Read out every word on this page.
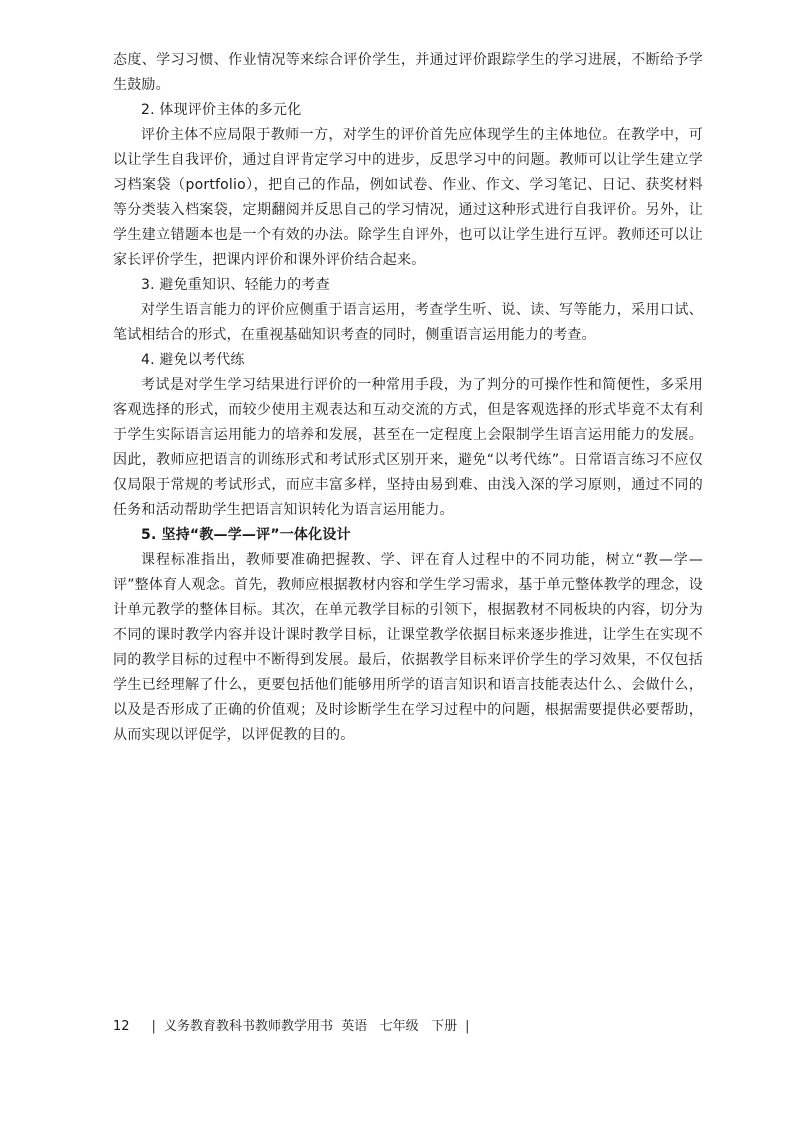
态度、学习习惯、作业情况等来综合评价学生，并通过评价跟踪学生的学习进展，不断给予学生鼓励。

2. 体现评价主体的多元化

评价主体不应局限于教师一方，对学生的评价首先应体现学生的主体地位。在教学中，可以让学生自我评价，通过自评肯定学习中的进步，反思学习中的问题。教师可以让学生建立学习档案袋（portfolio），把自己的作品，例如试卷、作业、作文、学习笔记、日记、获奖材料等分类装入档案袋，定期翻阅并反思自己的学习情况，通过这种形式进行自我评价。另外，让学生建立错题本也是一个有效的办法。除学生自评外，也可以让学生进行互评。教师还可以让家长评价学生，把课内评价和课外评价结合起来。

3. 避免重知识、轻能力的考查

对学生语言能力的评价应侧重于语言运用，考查学生听、说、读、写等能力，采用口试、笔试相结合的形式，在重视基础知识考查的同时，侧重语言运用能力的考查。

4. 避免以考代练

考试是对学生学习结果进行评价的一种常用手段，为了判分的可操作性和简便性，多采用客观选择的形式，而较少使用主观表达和互动交流的方式，但是客观选择的形式毕竟不太有利于学生实际语言运用能力的培养和发展，甚至在一定程度上会限制学生语言运用能力的发展。因此，教师应把语言的训练形式和考试形式区别开来，避免“以考代练”。日常语言练习不应仅仅局限于常规的考试形式，而应丰富多样，坚持由易到难、由浅入深的学习原则，通过不同的任务和活动帮助学生把语言知识转化为语言运用能力。

5. 坚持“教—学—评”一体化设计

课程标准指出，教师要准确把握教、学、评在育人过程中的不同功能，树立“教—学—评”整体育人观念。首先，教师应根据教材内容和学生学习需求，基于单元整体教学的理念，设计单元教学的整体目标。其次，在单元教学目标的引领下，根据教材不同板块的内容，切分为不同的课时教学内容并设计课时教学目标，让课堂教学依据目标来逐步推进，让学生在实现不同的教学目标的过程中不断得到发展。最后，依据教学目标来评价学生的学习效果，不仅包括学生已经理解了什么，更要包括他们能够用所学的语言知识和语言技能表达什么、会做什么，以及是否形成了正确的价值观；及时诊断学生在学习过程中的问题，根据需要提供必要帮助，从而实现以评促学，以评促教的目的。

12 | 义务教育教科书教师教学用书 英语 七年级 下册 |
